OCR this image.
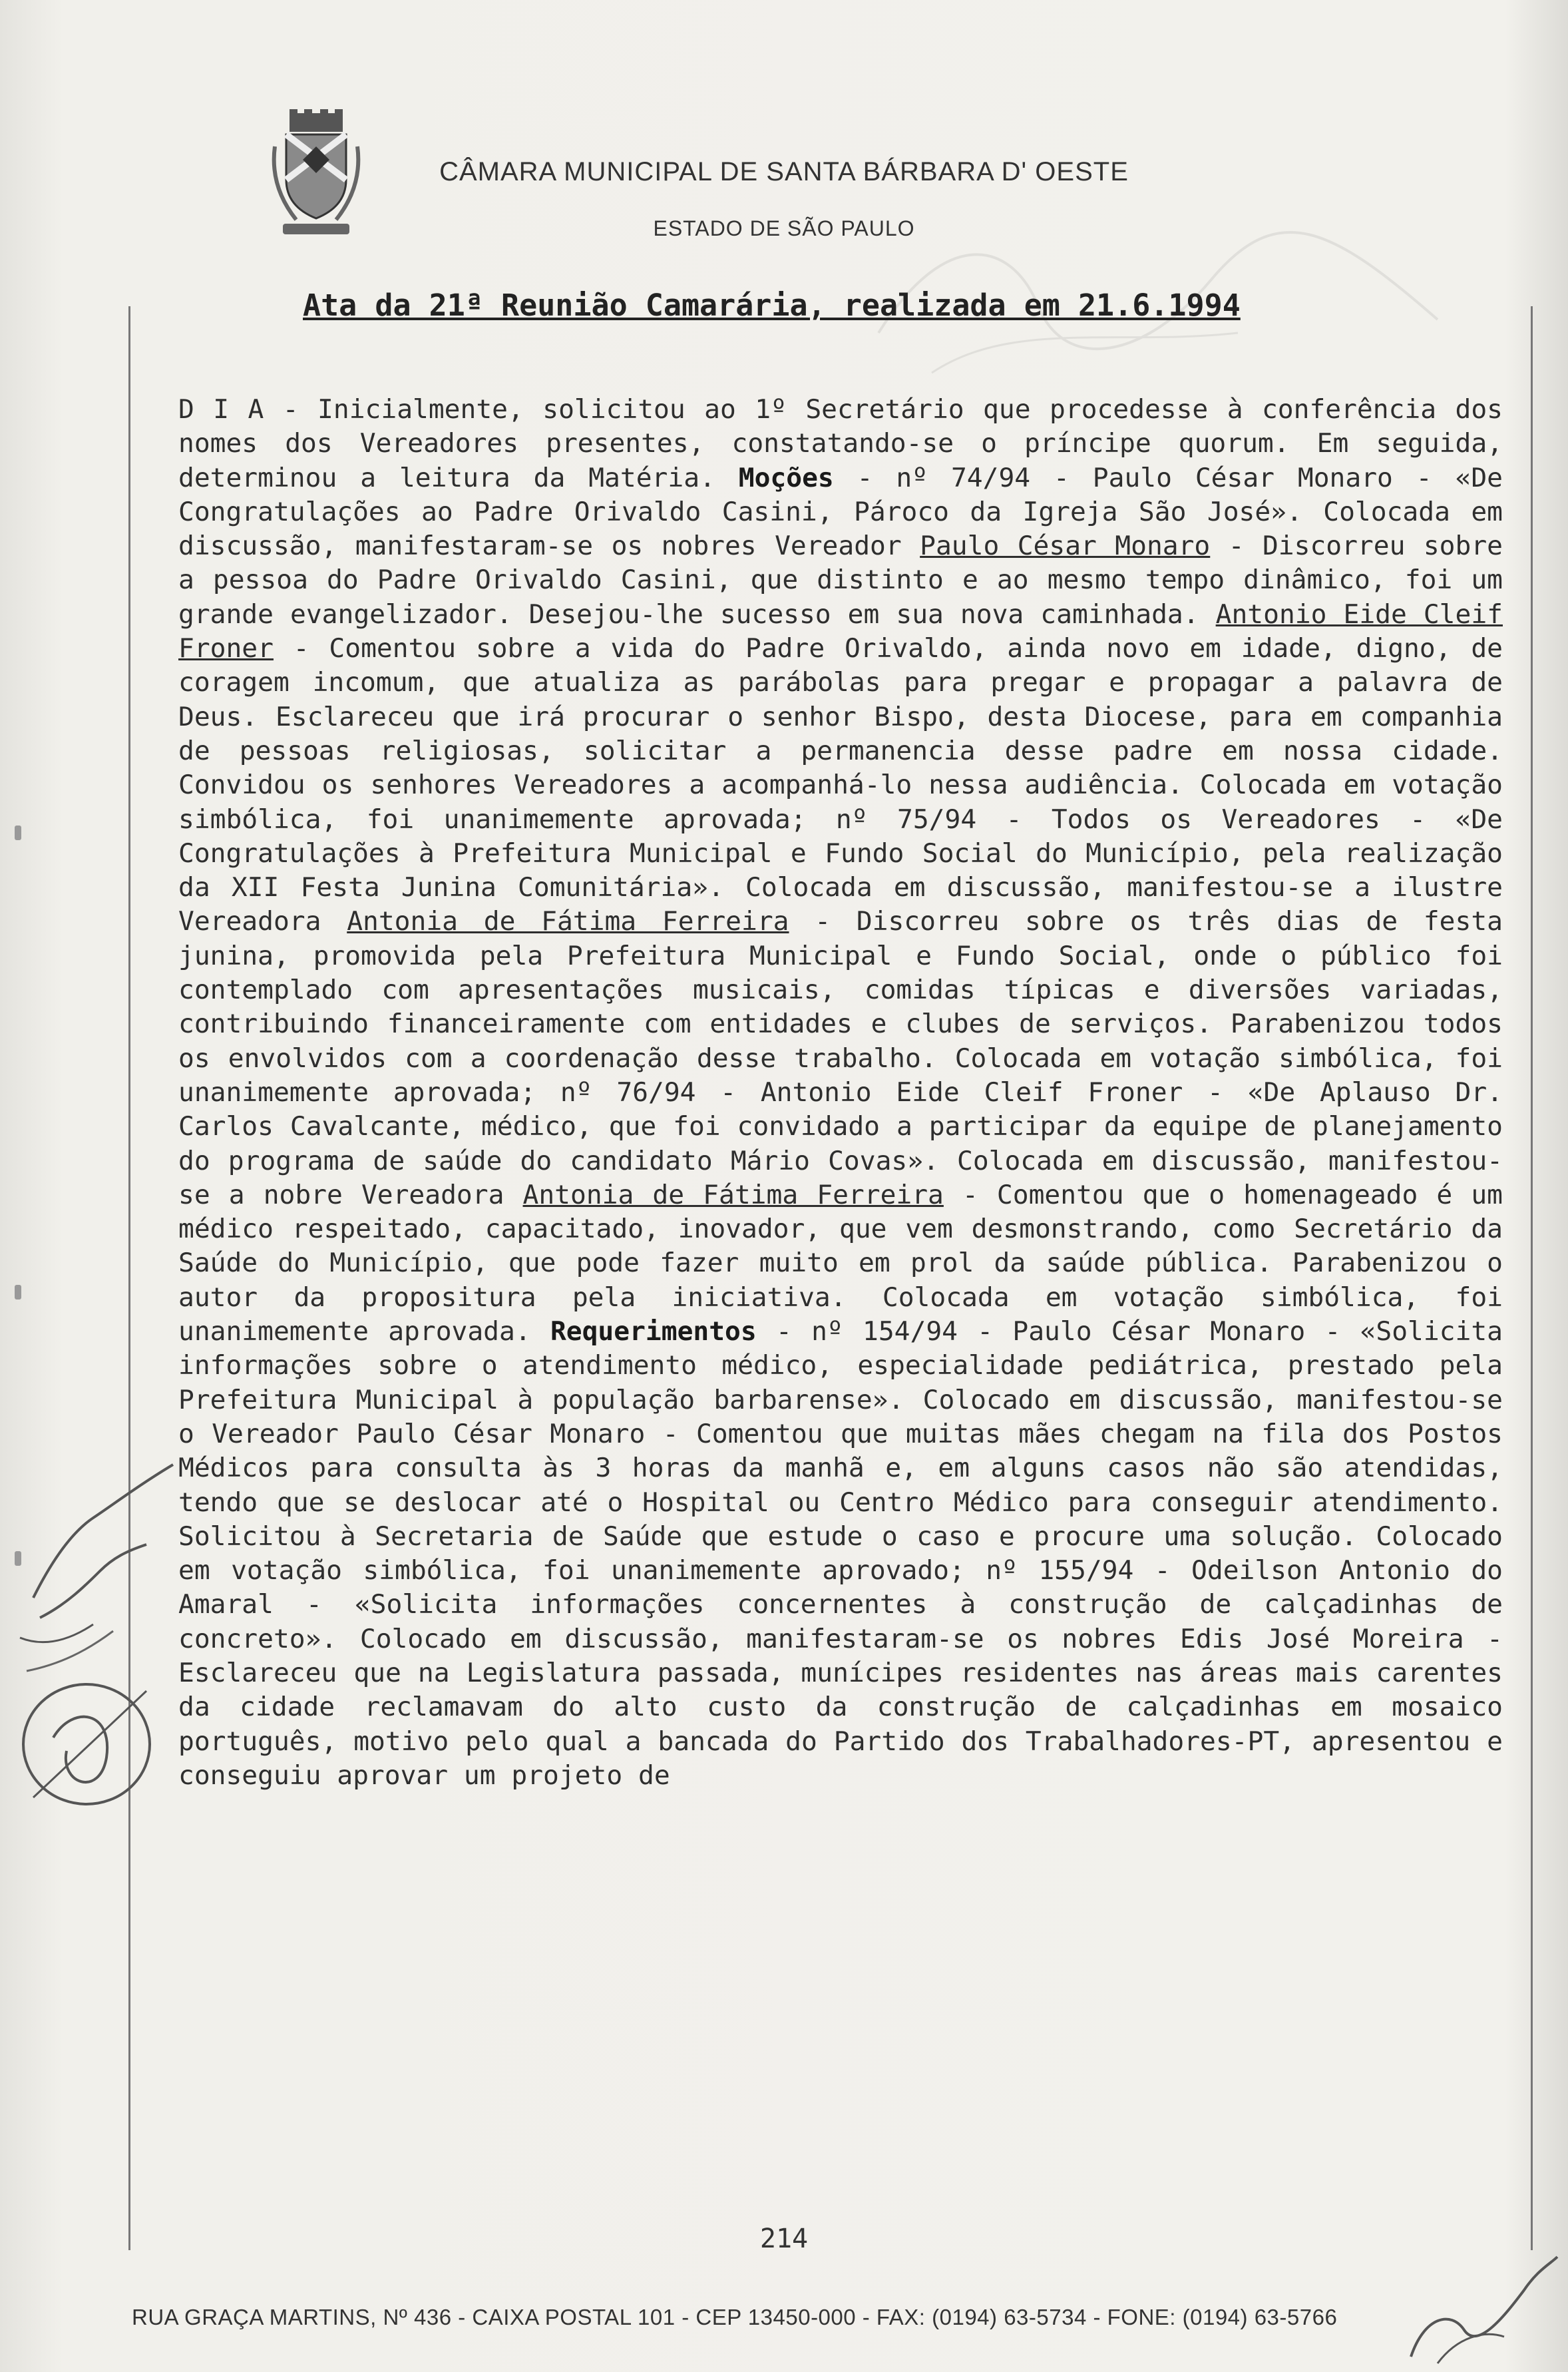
CÂMARA MUNICIPAL DE SANTA BÁRBARA D' OESTE
ESTADO DE SÃO PAULO
Ata da 21ª Reunião Camarária, realizada em 21.6.1994
D I A - Inicialmente, solicitou ao 1º Secretário que procedesse à conferência dos nomes dos Vereadores presentes, constatando-se o príncipe quorum. Em seguida, determinou a leitura da Matéria. Moções - nº 74/94 - Paulo César Monaro - «De Congratulações ao Padre Orivaldo Casini, Pároco da Igreja São José». Colocada em discussão, manifestaram-se os nobres Vereador Paulo César Monaro - Discorreu sobre a pessoa do Padre Orivaldo Casini, que distinto e ao mesmo tempo dinâmico, foi um grande evangelizador. Desejou-lhe sucesso em sua nova caminhada. Antonio Eide Cleif Froner - Comentou sobre a vida do Padre Orivaldo, ainda novo em idade, digno, de coragem incomum, que atualiza as parábolas para pregar e propagar a palavra de Deus. Esclareceu que irá procurar o senhor Bispo, desta Diocese, para em companhia de pessoas religiosas, solicitar a permanencia desse padre em nossa cidade. Convidou os senhores Vereadores a acompanhá-lo nessa audiência. Colocada em votação simbólica, foi unanimemente aprovada; nº 75/94 - Todos os Vereadores - «De Congratulações à Prefeitura Municipal e Fundo Social do Município, pela realização da XII Festa Junina Comunitária». Colocada em discussão, manifestou-se a ilustre Vereadora Antonia de Fátima Ferreira - Discorreu sobre os três dias de festa junina, promovida pela Prefeitura Municipal e Fundo Social, onde o público foi contemplado com apresentações musicais, comidas típicas e diversões variadas, contribuindo financeiramente com entidades e clubes de serviços. Parabenizou todos os envolvidos com a coordenação desse trabalho. Colocada em votação simbólica, foi unanimemente aprovada; nº 76/94 - Antonio Eide Cleif Froner - «De Aplauso Dr. Carlos Cavalcante, médico, que foi convidado a participar da equipe de planejamento do programa de saúde do candidato Mário Covas». Colocada em discussão, manifestou-se a nobre Vereadora Antonia de Fátima Ferreira - Comentou que o homenageado é um médico respeitado, capacitado, inovador, que vem desmonstrando, como Secretário da Saúde do Município, que pode fazer muito em prol da saúde pública. Parabenizou o autor da propositura pela iniciativa. Colocada em votação simbólica, foi unanimemente aprovada. Requerimentos - nº 154/94 - Paulo César Monaro - «Solicita informações sobre o atendimento médico, especialidade pediátrica, prestado pela Prefeitura Municipal à população barbarense». Colocado em discussão, manifestou-se o Vereador Paulo César Monaro - Comentou que muitas mães chegam na fila dos Postos Médicos para consulta às 3 horas da manhã e, em alguns casos não são atendidas, tendo que se deslocar até o Hospital ou Centro Médico para conseguir atendimento. Solicitou à Secretaria de Saúde que estude o caso e procure uma solução. Colocado em votação simbólica, foi unanimemente aprovado; nº 155/94 - Odeilson Antonio do Amaral - «Solicita informações concernentes à construção de calçadinhas de concreto». Colocado em discussão, manifestaram-se os nobres Edis José Moreira - Esclareceu que na Legislatura passada, munícipes residentes nas áreas mais carentes da cidade reclamavam do alto custo da construção de calçadinhas em mosaico português, motivo pelo qual a bancada do Partido dos Trabalhadores-PT, apresentou e conseguiu aprovar um projeto de
214
RUA GRAÇA MARTINS, Nº 436 - CAIXA POSTAL 101 - CEP 13450-000 - FAX: (0194) 63-5734 - FONE: (0194) 63-5766
